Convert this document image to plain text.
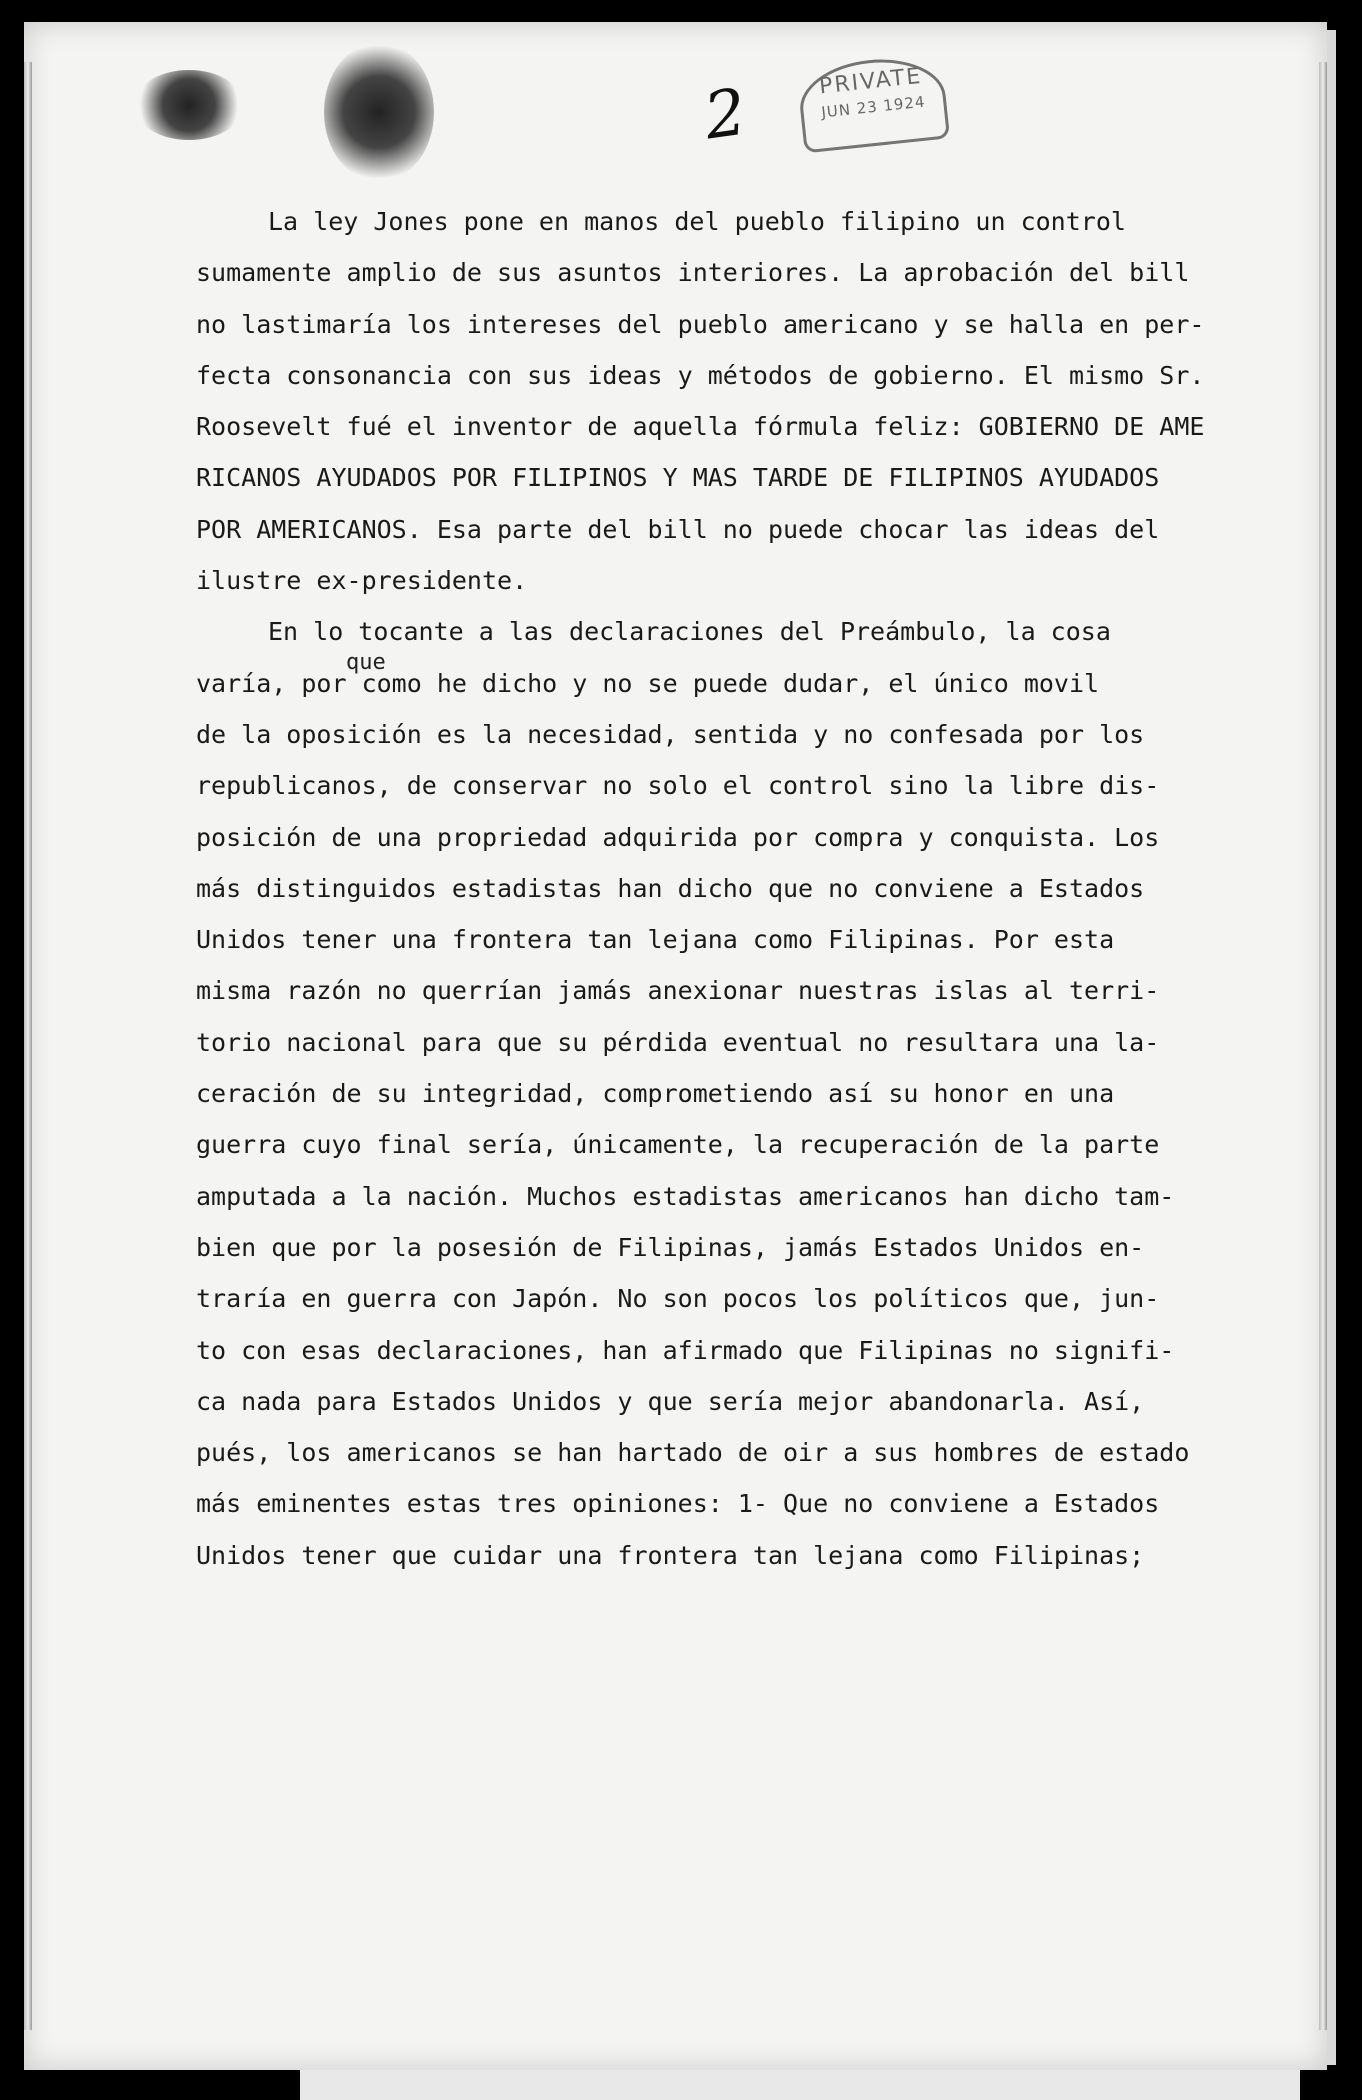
2	PRIVATE
JUN 23 1924
que
La ley Jones pone en manos del pueblo filipino un control
sumamente amplio de sus asuntos interiores. La aprobación del bill
no lastimaría los intereses del pueblo americano y se halla en per-
fecta consonancia con sus ideas y métodos de gobierno. El mismo Sr.
Roosevelt fué el inventor de aquella fórmula feliz: GOBIERNO DE AME
RICANOS AYUDADOS POR FILIPINOS Y MAS TARDE DE FILIPINOS AYUDADOS
POR AMERICANOS. Esa parte del bill no puede chocar las ideas del
ilustre ex-presidente.
En lo tocante a las declaraciones del Preámbulo, la cosa
varía, por como he dicho y no se puede dudar, el único movil
de la oposición es la necesidad, sentida y no confesada por los
republicanos, de conservar no solo el control sino la libre dis-
posición de una propriedad adquirida por compra y conquista. Los
más distinguidos estadistas han dicho que no conviene a Estados
Unidos tener una frontera tan lejana como Filipinas. Por esta
misma razón no querrían jamás anexionar nuestras islas al terri-
torio nacional para que su pérdida eventual no resultara una la-
ceración de su integridad, comprometiendo así su honor en una
guerra cuyo final sería, únicamente, la recuperación de la parte
amputada a la nación. Muchos estadistas americanos han dicho tam-
bien que por la posesión de Filipinas, jamás Estados Unidos en-
traría en guerra con Japón. No son pocos los políticos que, jun-
to con esas declaraciones, han afirmado que Filipinas no signifi-
ca nada para Estados Unidos y que sería mejor abandonarla. Así,
pués, los americanos se han hartado de oir a sus hombres de estado
más eminentes estas tres opiniones: 1- Que no conviene a Estados
Unidos tener que cuidar una frontera tan lejana como Filipinas;
